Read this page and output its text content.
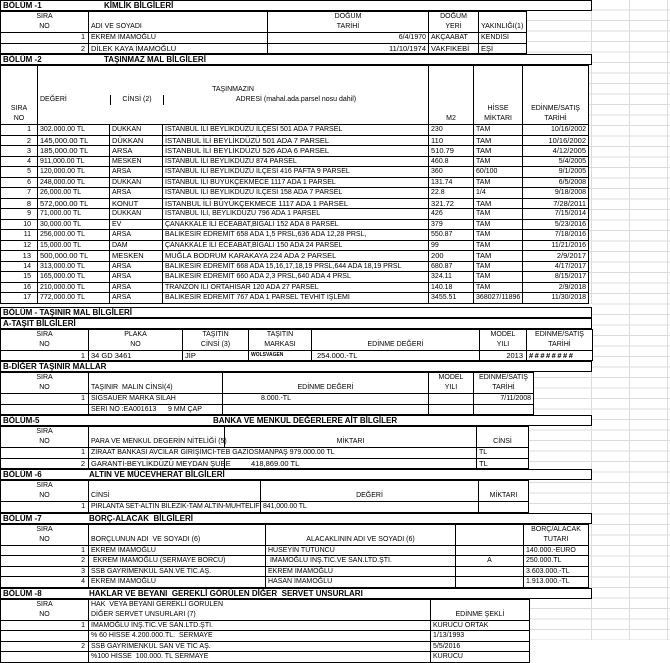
BÖLÜM -1	KİMLİK BİLGİLERİ
SIRA
NO	ADI VE SOYADI	DOĞUM
TARİHİ	DOĞUM
YERİ	YAKINLIĞI(1)

1	EKREM İMAMOĞLU	6/4/1970	AKÇAABAT	KENDİSİ
2	DİLEK KAYA İMAMOĞLU	11/10/1974	VAKFIKEBİ	EŞİ
BÖLÜM -2	TAŞINMAZ MAL BİLGİLERİ
SIRA
NO

TAŞINMAZIN
DEĞERİ	CİNSİ (2)	ADRESİ (mahal.ada.parsel nosu dahil)

M2

HİSSE
MİKTARI

EDİNME/SATIŞ
TARİHİ

1	302.000.00 TL	DÜKKAN	İSTANBUL İLİ BEYLİKDÜZÜ İLÇESİ 501 ADA 7 PARSEL	230	TAM	10/16/2002
2	145,000.00 TL	DÜKKAN	İSTANBUL İLİ BEYLİKDÜZÜ 501 ADA 7 PARSEL	110	TAM	10/16/2002
3	185,000.00 TL	ARSA	İSTANBUL İLİ BEYLİKDÜZÜ 526 ADA 6 PARSEL	510.79	TAM	4/12/2005
4	911,000.00 TL	MESKEN	İSTANBUL İLİ BEYLİKDÜZÜ 874 PARSEL	460.8	TAM	5/4/2005
5	120,000.00 TL	ARSA	İSTANBUL İLİ BEYLİKDÜZÜ İLÇESİ 416 PAFTA 9 PARSEL	360	60/100	9/1/2005
6	248,000.00 TL	DÜKKAN	İSTANBUL İLİ BÜYÜKÇEKMECE 1117 ADA 1 PARSEL	131.74	TAM	6/5/2008
7	26,000.00 TL	ARSA	İSTANBUL İLİ BEYLİKDÜZÜ İLÇESİ 158 ADA 7 PARSEL	22.8	1/4	9/18/2008
8	572,000.00 TL	KONUT	İSTANBUL İLİ BÜYÜKÇEKMECE 1117 ADA 1 PARSEL	321.72	TAM	7/28/2011
9	71,000.00 TL	DÜKKAN	İSTANBUL İLİ, BEYLİKDÜZÜ 796 ADA 1 PARSEL	426	TAM	7/15/2014
10	30,000.00 TL	EV	ÇANAKKALE İLİ ECEABAT,BİGALI 152 ADA 8 PARSEL	379	TAM	5/23/2016
11	256,000.00 TL	ARSA	BALIKESİR EDREMİT 658 ADA 1,5 PRSL,636 ADA 12,28 PRSL,	550.87	TAM	7/18/2016
12	15,000.00 TL	DAM	ÇANAKKALE İLİ ECEABAT,BİGALI 150 ADA 24 PARSEL	99	TAM	11/21/2016
13	500,000.00 TL	MESKEN	MUĞLA BODRUM KARAKAYA 224 ADA 2 PARSEL	200	TAM	2/9/2017
14	313,000.00 TL	ARSA	BALIKESİR EDREMİT 668 ADA 15,16,17,18,19 PRSL,644 ADA 18,19 PRSL	680.87	TAM	4/17/2017
15	165,000.00 TL	ARSA	BALIKESİR EDREMİT 660 ADA 2,3 PRSL,640 ADA 4 PRSL	324.11	TAM	8/15/2017
16	210,000.00 TL	ARSA	TRANZON İLİ ORTAHİSAR 120 ADA 27 PARSEL	140.18	TAM	2/9/2018
17	772,000.00 TL	ARSA	BALIKESİR EDREMİT 767 ADA 1 PARSEL TEVHİT İŞLEMİ	3455.51	368027/11896	11/30/2018
BÖLÜM - TAŞINIR MAL BİLGİLERİ
A-TAŞIT BİLGİLERİ
SIRA
NO	PLAKA
NO	TAŞITIN
CİNSİ (3)	TAŞITIN
MARKASI	EDİNME DEĞERİ	MODEL
YILI	EDİNME/SATIŞ
TARİHİ

1	34 GD 3461	JİP	WOLSVAGEN	254.000.-TL	2013	########
B-DİĞER TAŞINIR MALLAR
SIRA
NO	TAŞINIR  MALIN CİNSİ(4)	EDİNME DEĞERİ	MODEL
YILI	EDİNME/SATIŞ
TARİHİ

1	SİGSAUER MARKA SİLAH	8.000.-TL		7/11/2008
	SERİ NO :EA001613      9 MM ÇAP			
BÖLÜM-5	BANKA VE MENKUL DEĞERLERE AİT BİLGİLER
SIRA
NO	PARA VE MENKUL DEGERİN NİTELİĞİ (5)	MİKTARI	CİNSİ

1	ZİRAAT BANKASI AVCILAR GİRİŞİMCİ-TEB GAZİOSMANPAŞ 979.000.00 TL		TL
2	GARANTİ-BEYLİKDÜZÜ MEYDAN ŞUBE	418,869.00 TL	TL
BÖLÜM -6	ALTIN VE MÜCEVHERAT BİLGİLERİ
SIRA
NO	CİNSİ	DEĞERİ	MİKTARI

1	PIRLANTA SET-ALTIN BİLEZİK-TAM ALTIN-MUHTELİF	841,000.00 TL	
BÖLÜM -7	BORÇ-ALACAK  BİLGİLERİ
SIRA
NO	BORÇLUNUN ADI  VE SOYADI (6)	ALACAKLININ ADI VE SOYADI (6)		BORÇ/ALACAK
TUTARI

1	EKREM İMAMOĞLU	HÜSEYİN TÜTÜNCÜ		140.000.-EURO
2	EKREM İMAMOĞLU (SERMAYE BORCU)	İMAMOĞLU İNŞ.TİC.VE SAN.LTD.ŞTİ.	A	250.000.TL
3	SSB GAYRİMENKUL SAN.VE TİC.AŞ.	EKREM İMAMOĞLU		3.603.000.-TL
4	EKREM İMAMOĞLU	HASAN İMAMOĞLU		1.913.000.-TL
BÖLÜM -8	HAKLAR VE BEYANI  GEREKLİ GÖRÜLEN DİĞER  SERVET UNSURLARI
SIRA
NO	HAK  VEYA BEYANI GEREKLİ GÖRÜLEN
DİĞER SERVET UNSURLARI (7)	EDİNME ŞEKLİ

1	İMAMOĞLU İNŞ.TİC.VE SAN.LTD.ŞTİ.	KURUCU ORTAK
	% 60 HİSSE 4.200.000.TL.  SERMAYE	1/13/1993
2	SSB GAYRİMENKUL SAN VE TİC AŞ.	5/5/2016
	%100 HİSSE  100.000. TL SERMAYE	KURUCU
